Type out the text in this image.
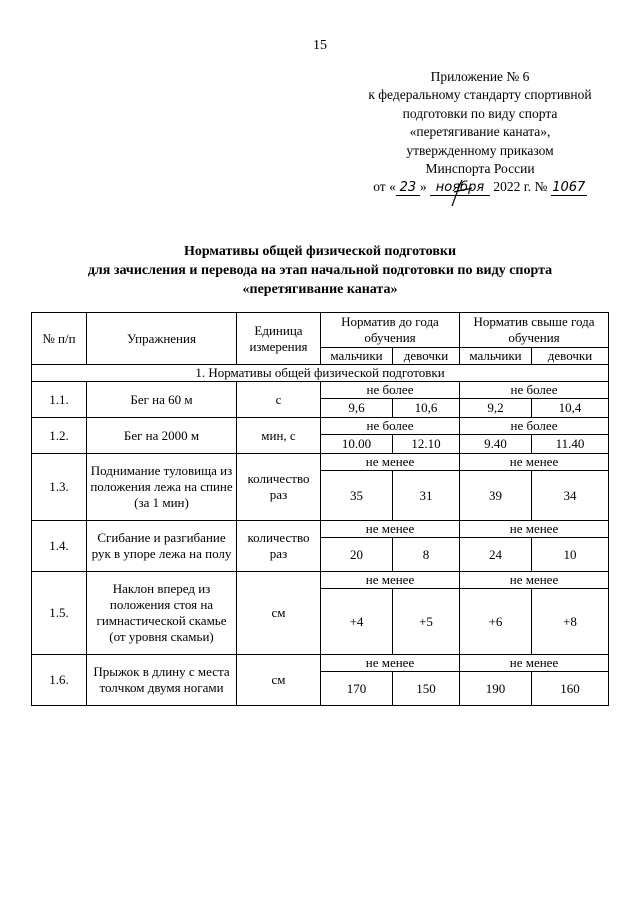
15
Приложение № 6
к федеральному стандарту спортивной
подготовки по виду спорта
«перетягивание каната»,
утвержденному приказом
Минспорта России
от « 23 » ноября 2022 г. № 1067
Нормативы общей физической подготовки
для зачисления и перевода на этап начальной подготовки по виду спорта
«перетягивание каната»
№ п/п	Упражнения	Единица измерения	Норматив до года обучения		Норматив свыше года обучения	
			мальчики	девочки	мальчики	девочки
1. Нормативы общей физической подготовки						
1.1.	Бег на 60 м	с	не более		не более	
			9,6	10,6	9,2	10,4
1.2.	Бег на 2000 м	мин, с	не более		не более	
			10.00	12.10	9.40	11.40
1.3.	Поднимание туловища из положения лежа на спине (за 1 мин)	количество раз	не менее		не менее	
			35	31	39	34
1.4.	Сгибание и разгибание рук в упоре лежа на полу	количество раз	не менее		не менее	
			20	8	24	10
1.5.	Наклон вперед из положения стоя на гимнастической скамье (от уровня скамьи)	см	не менее		не менее	
			+4	+5	+6	+8
1.6.	Прыжок в длину с места толчком двумя ногами	см	не менее		не менее	
			170	150	190	160
